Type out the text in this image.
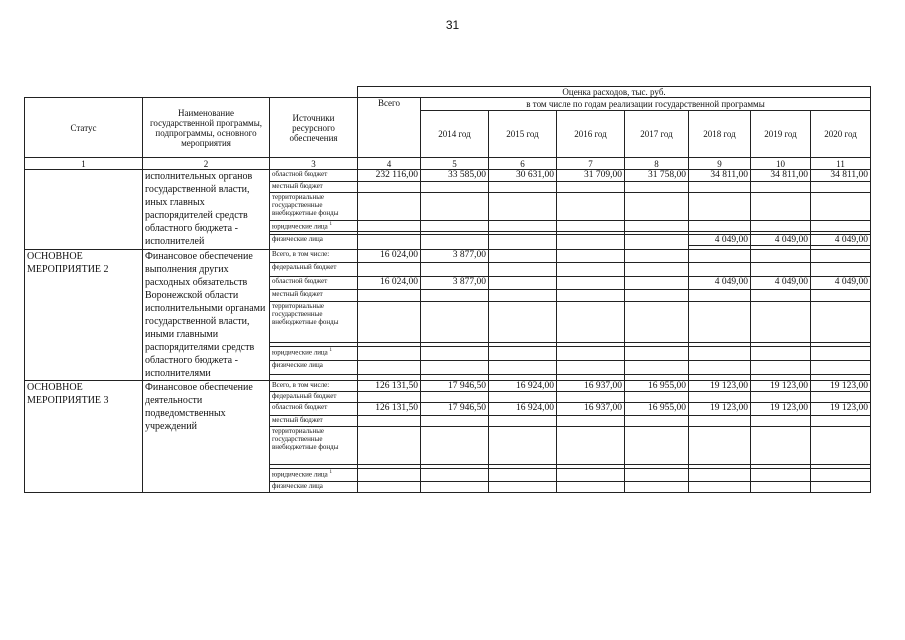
31
			Оценка расходов, тыс. руб.							
Статус	Наименование государственной программы, подпрограммы, основного мероприятия	Источники ресурсного обеспечения	Всего	в том числе по годам реализации государственной программы						
				2014 год	2015 год	2016 год	2017 год	2018 год	2019 год	2020 год
1	2	3	4	5	6	7	8	9	10	11
	исполнительных органов государственной власти, иных главных распорядителей средств областного бюджета - исполнителей	областной бюджет	232 116,00	33 585,00	30 631,00	31 709,00	31 758,00	34 811,00	34 811,00	34 811,00
		местный бюджет								
		территориальные государственные внебюджетные фонды								
		юридические лица $^1$								

		физические лица						4 049,00	4 049,00	4 049,00

ОСНОВНОЕ МЕРОПРИЯТИЕ 2	Финансовое обеспечение выполнения других расходных обязательств Воронежской области исполнительными органами государственной власти, иными главными распорядителями средств областного бюджета - исполнителями	Всего, в том числе:	16 024,00	3 877,00						
		федеральный бюджет								
		областной бюджет	16 024,00	3 877,00				4 049,00	4 049,00	4 049,00
		местный бюджет								
		территориальные государственные внебюджетные фонды								

		юридические лица $^1$								
		физические лица								

ОСНОВНОЕ МЕРОПРИЯТИЕ 3	Финансовое обеспечение деятельности подведомственных учреждений	Всего, в том числе:	126 131,50	17 946,50	16 924,00	16 937,00	16 955,00	19 123,00	19 123,00	19 123,00
		федеральный бюджет								
		областной бюджет	126 131,50	17 946,50	16 924,00	16 937,00	16 955,00	19 123,00	19 123,00	19 123,00
		местный бюджет								
		территориальные государственные внебюджетные фонды								

		юридические лица $^1$								
		физические лица								
